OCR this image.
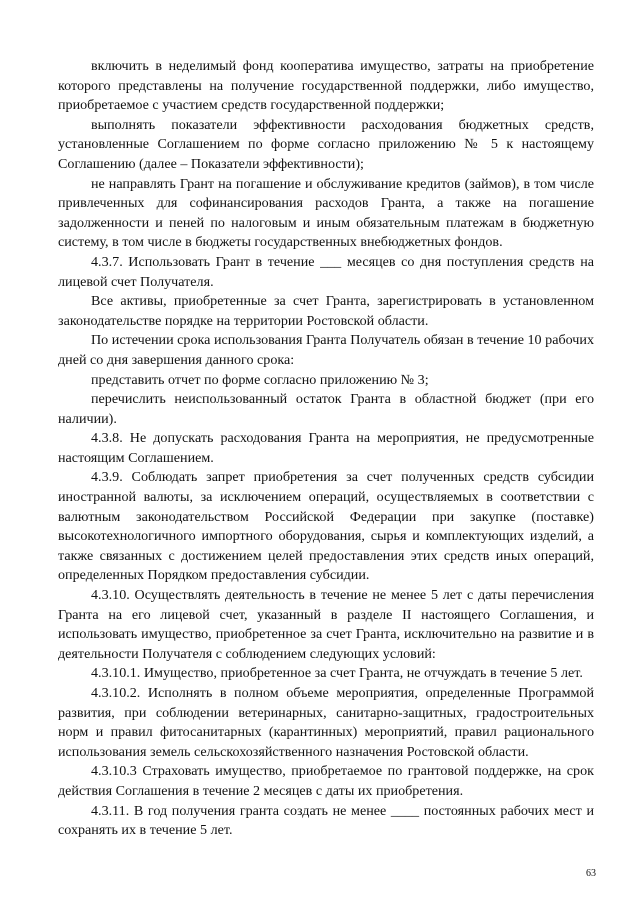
включить в неделимый фонд кооператива имущество, затраты на приобретение которого представлены на получение государственной поддержки, либо имущество, приобретаемое с участием средств государственной поддержки;

выполнять показатели эффективности расходования бюджетных средств, установленные Соглашением по форме согласно приложению № 5 к настоящему Соглашению (далее – Показатели эффективности);

не направлять Грант на погашение и обслуживание кредитов (займов), в том числе привлеченных для софинансирования расходов Гранта, а также на погашение задолженности и пеней по налоговым и иным обязательным платежам в бюджетную систему, в том числе в бюджеты государственных внебюджетных фондов.

4.3.7. Использовать Грант в течение ___ месяцев со дня поступления средств на лицевой счет Получателя.

Все активы, приобретенные за счет Гранта, зарегистрировать в установленном законодательстве порядке на территории Ростовской области.

По истечении срока использования Гранта Получатель обязан в течение 10 рабочих дней со дня завершения данного срока:

представить отчет по форме согласно приложению № 3;

перечислить неиспользованный остаток Гранта в областной бюджет (при его наличии).

4.3.8. Не допускать расходования Гранта на мероприятия, не предусмотренные настоящим Соглашением.

4.3.9. Соблюдать запрет приобретения за счет полученных средств субсидии иностранной валюты, за исключением операций, осуществляемых в соответствии с валютным законодательством Российской Федерации при закупке (поставке) высокотехнологичного импортного оборудования, сырья и комплектующих изделий, а также связанных с достижением целей предоставления этих средств иных операций, определенных Порядком предоставления субсидии.

4.3.10. Осуществлять деятельность в течение не менее 5 лет с даты перечисления Гранта на его лицевой счет, указанный в разделе II настоящего Соглашения, и использовать имущество, приобретенное за счет Гранта, исключительно на развитие и в деятельности Получателя с соблюдением следующих условий:

4.3.10.1. Имущество, приобретенное за счет Гранта, не отчуждать в течение 5 лет.

4.3.10.2. Исполнять в полном объеме мероприятия, определенные Программой развития, при соблюдении ветеринарных, санитарно-защитных, градостроительных норм и правил фитосанитарных (карантинных) мероприятий, правил рационального использования земель сельскохозяйственного назначения Ростовской области.

4.3.10.3 Страховать имущество, приобретаемое по грантовой поддержке, на срок действия Соглашения в течение 2 месяцев с даты их приобретения.

4.3.11. В год получения гранта создать не менее ____ постоянных рабочих мест и сохранять их в течение 5 лет.

63
